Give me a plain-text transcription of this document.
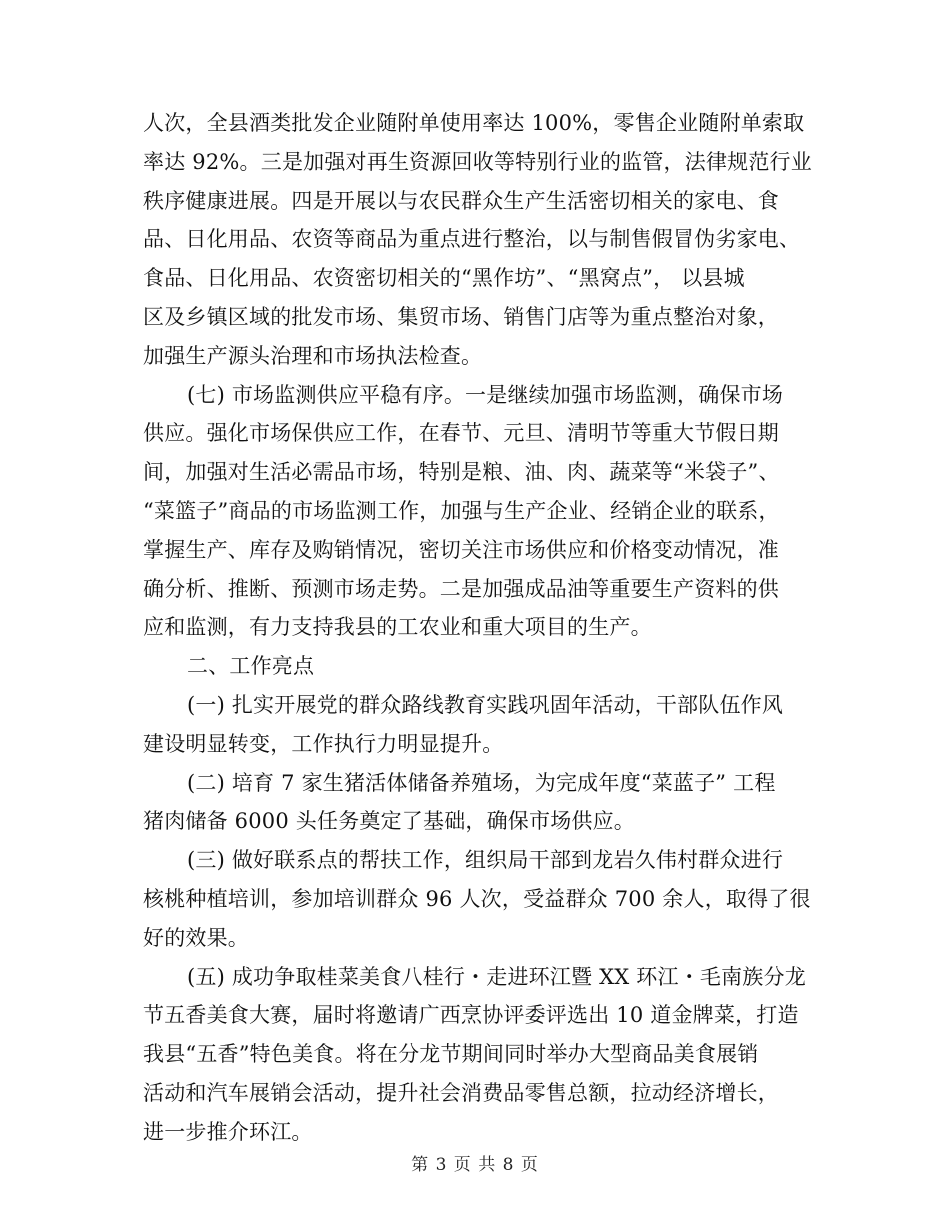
人次，全县酒类批发企业随附单使用率达 100%，零售企业随附单索取
率达 92%。三是加强对再生资源回收等特别行业的监管，法律规范行业
秩序健康进展。四是开展以与农民群众生产生活密切相关的家电、食
品、日化用品、农资等商品为重点进行整治，以与制售假冒伪劣家电、
食品、日化用品、农资密切相关的“黑作坊”、“黑窝点”， 以县城
区及乡镇区域的批发市场、集贸市场、销售门店等为重点整治对象，
加强生产源头治理和市场执法检查。
(七) 市场监测供应平稳有序。一是继续加强市场监测，确保市场
供应。强化市场保供应工作，在春节、元旦、清明节等重大节假日期
间，加强对生活必需品市场，特别是粮、油、肉、蔬菜等“米袋子”、
“菜篮子”商品的市场监测工作，加强与生产企业、经销企业的联系，
掌握生产、库存及购销情况，密切关注市场供应和价格变动情况，准
确分析、推断、预测市场走势。二是加强成品油等重要生产资料的供
应和监测，有力支持我县的工农业和重大项目的生产。
二、工作亮点
(一) 扎实开展党的群众路线教育实践巩固年活动，干部队伍作风
建设明显转变，工作执行力明显提升。
(二) 培育 7 家生猪活体储备养殖场，为完成年度“菜蓝子” 工程
猪肉储备 6000 头任务奠定了基础，确保市场供应。
(三) 做好联系点的帮扶工作，组织局干部到龙岩久伟村群众进行
核桃种植培训，参加培训群众 96 人次，受益群众 700 余人，取得了很
好的效果。
(五) 成功争取桂菜美食八桂行・走进环江暨 XX 环江・毛南族分龙
节五香美食大赛，届时将邀请广西烹协评委评选出 10 道金牌菜，打造
我县“五香”特色美食。将在分龙节期间同时举办大型商品美食展销
活动和汽车展销会活动，提升社会消费品零售总额，拉动经济增长，
进一步推介环江。
第 3 页 共 8 页
